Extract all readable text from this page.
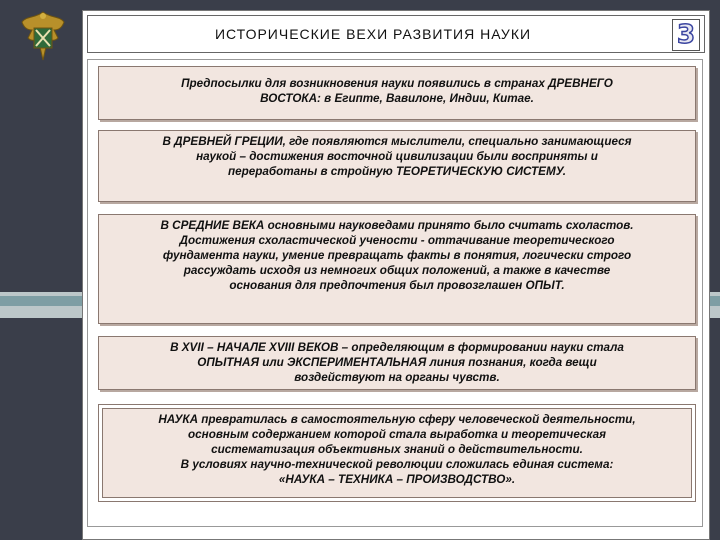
ИСТОРИЧЕСКИЕ ВЕХИ РАЗВИТИЯ НАУКИ	3

Предпосылки для возникновения науки появились в странах ДРЕВНЕГО

ВОСТОКА: в Египте, Вавилоне, Индии, Китае.

В ДРЕВНЕЙ ГРЕЦИИ, где появляются мыслители, специально занимающиеся

наукой – достижения восточной цивилизации были восприняты и

переработаны в стройную ТЕОРЕТИЧЕСКУЮ СИСТЕМУ.

В СРЕДНИЕ ВЕКА основными науковедами принято было считать схоластов.

Достижения схоластической учености - оттачивание теоретического

фундамента науки, умение превращать факты в понятия, логически строго

рассуждать исходя из немногих общих положений, а также в качестве

основания для предпочтения был провозглашен ОПЫТ.

В XVII – НАЧАЛЕ XVIII ВЕКОВ – определяющим в формировании науки стала

ОПЫТНАЯ или ЭКСПЕРИМЕНТАЛЬНАЯ линия познания, когда вещи

воздействуют на органы чувств.

НАУКА превратилась в самостоятельную сферу человеческой деятельности,

основным содержанием которой стала выработка и теоретическая

систематизация объективных знаний о действительности.

В условиях научно-технической революции сложилась единая система:

«НАУКА – ТЕХНИКА – ПРОИЗВОДСТВО».
